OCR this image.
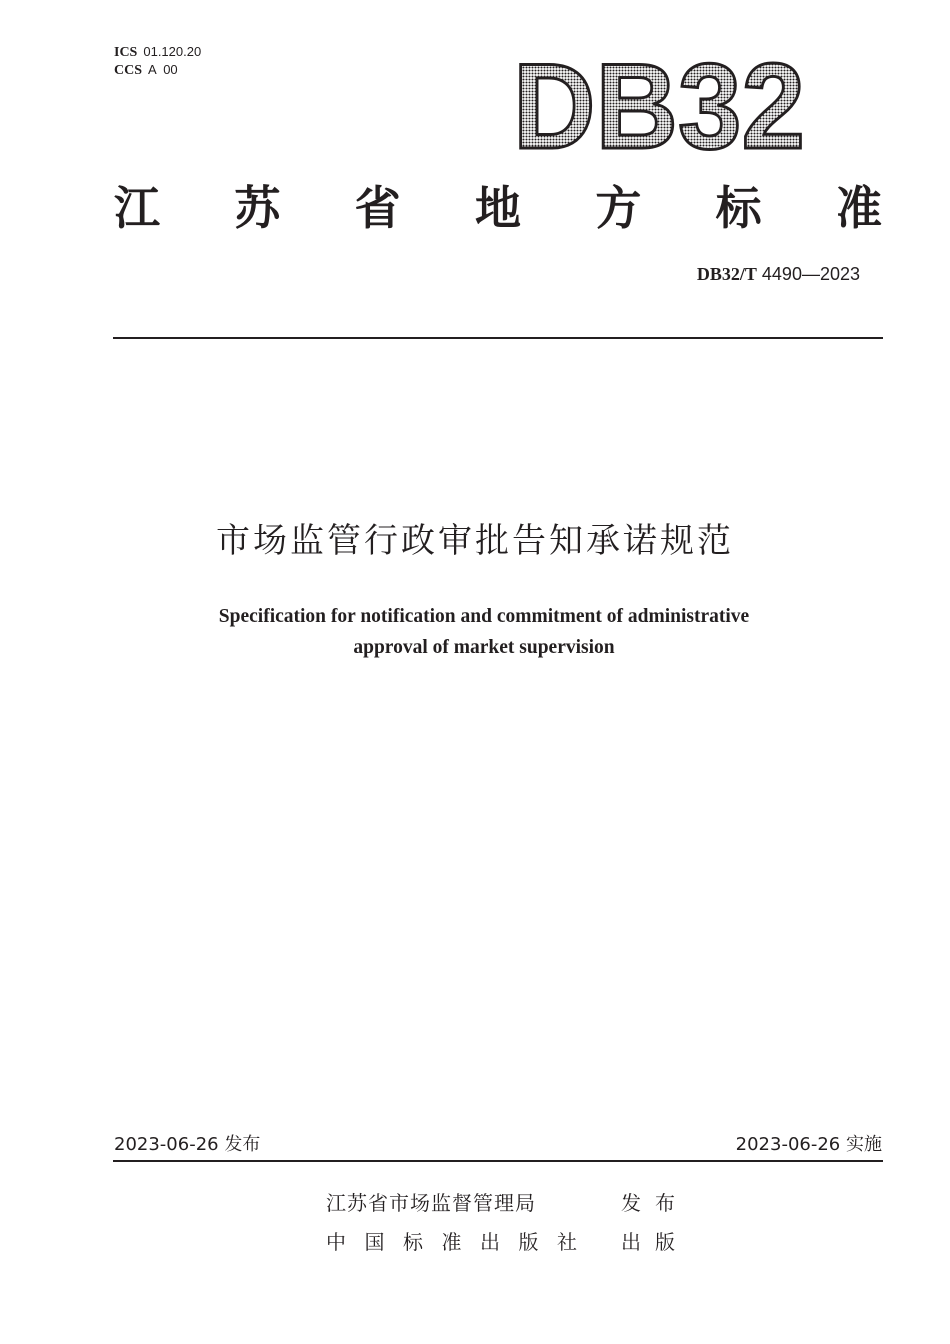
ICS 01.120.20
CCS A  00	DB32
江 苏 省 地 方 标 准
DB32/T 4490—2023
市场监管行政审批告知承诺规范
Specification for notification and commitment of administrative
approval of market supervision
2023-06-26 发布	2023-06-26 实施
江苏省市场监督管理局	发布
中国标准出版社	出版
